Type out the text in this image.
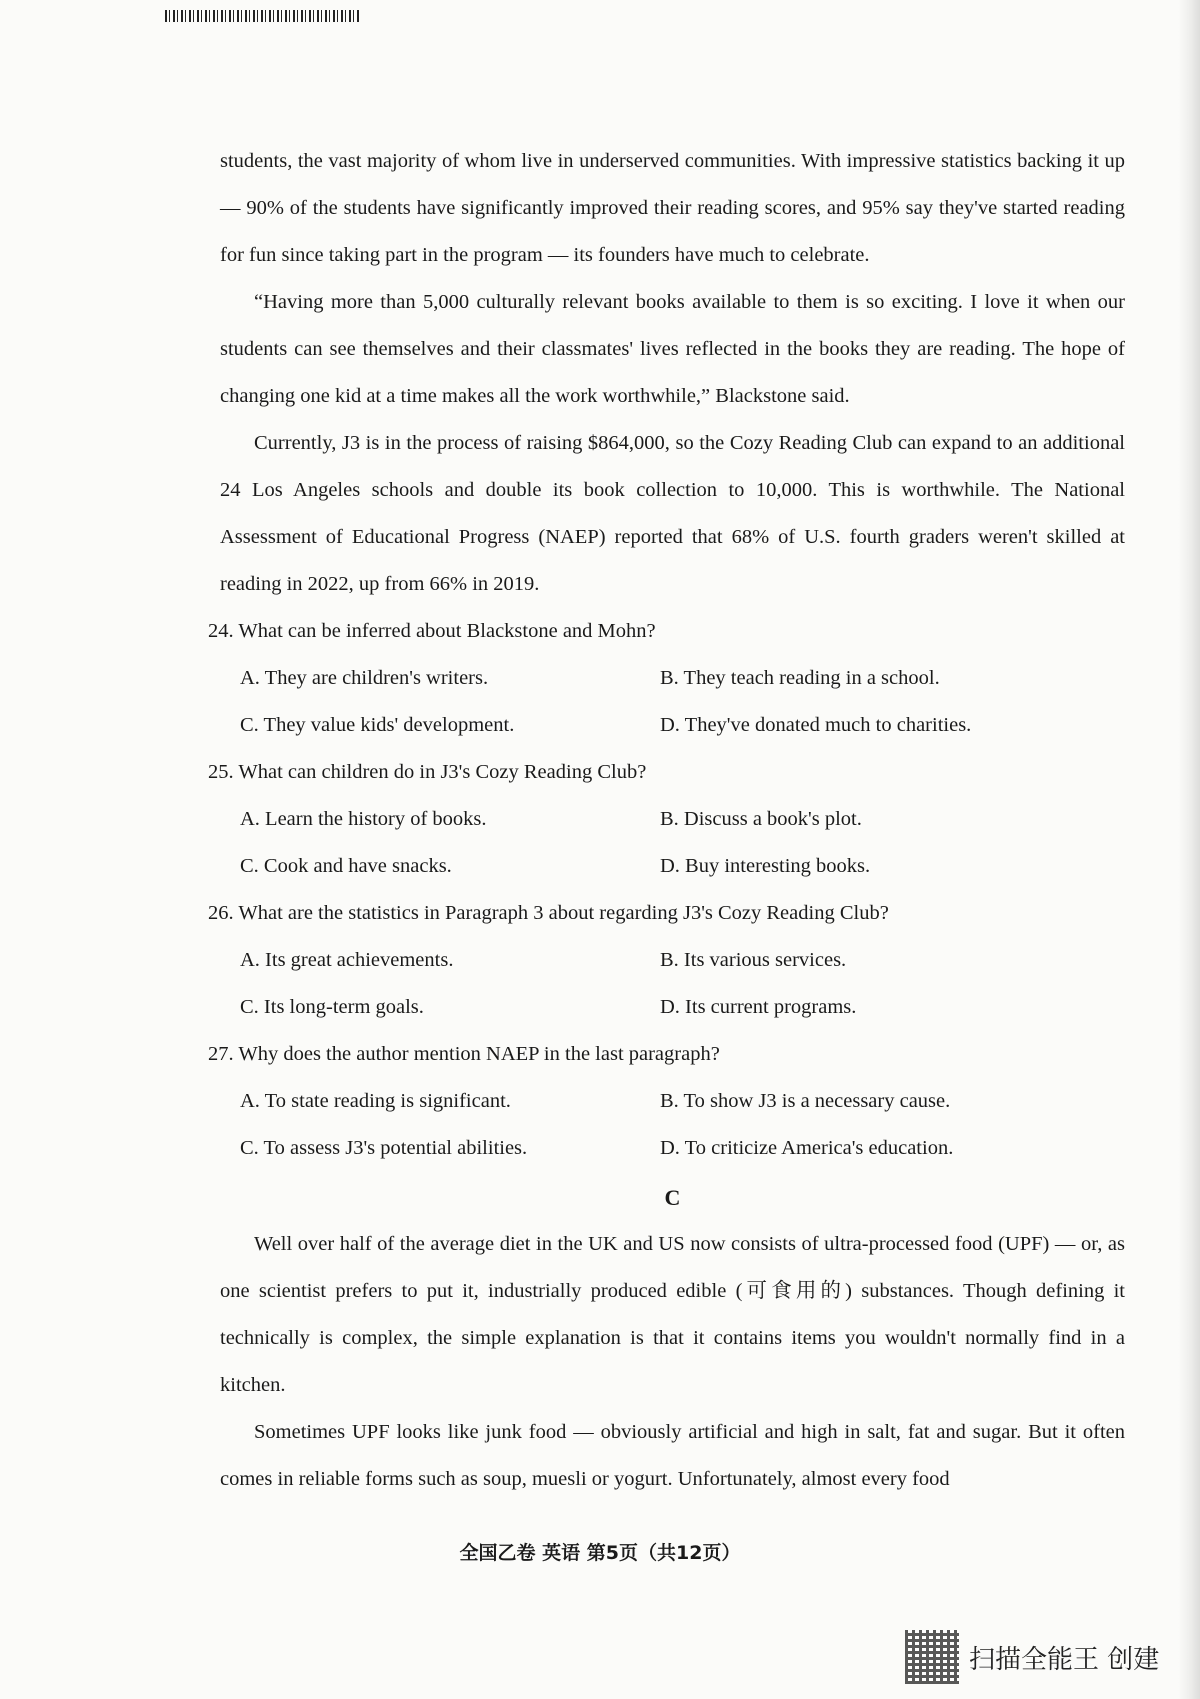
students, the vast majority of whom live in underserved communities. With impressive statistics backing it up — 90% of the students have significantly improved their reading scores, and 95% say they've started reading for fun since taking part in the program — its founders have much to celebrate.

“Having more than 5,000 culturally relevant books available to them is so exciting. I love it when our students can see themselves and their classmates' lives reflected in the books they are reading. The hope of changing one kid at a time makes all the work worthwhile,” Blackstone said.

Currently, J3 is in the process of raising $864,000, so the Cozy Reading Club can expand to an additional 24 Los Angeles schools and double its book collection to 10,000. This is worthwhile. The National Assessment of Educational Progress (NAEP) reported that 68% of U.S. fourth graders weren't skilled at reading in 2022, up from 66% in 2019.

24. What can be inferred about Blackstone and Mohn?
A. They are children's writers.	B. They teach reading in a school.
C. They value kids' development.	D. They've donated much to charities.
25. What can children do in J3's Cozy Reading Club?
A. Learn the history of books.	B. Discuss a book's plot.
C. Cook and have snacks.	D. Buy interesting books.
26. What are the statistics in Paragraph 3 about regarding J3's Cozy Reading Club?
A. Its great achievements.	B. Its various services.
C. Its long-term goals.	D. Its current programs.
27. Why does the author mention NAEP in the last paragraph?
A. To state reading is significant.	B. To show J3 is a necessary cause.
C. To assess J3's potential abilities.	D. To criticize America's education.
C

Well over half of the average diet in the UK and US now consists of ultra-processed food (UPF) — or, as one scientist prefers to put it, industrially produced edible (可食用的) substances. Though defining it technically is complex, the simple explanation is that it contains items you wouldn't normally find in a kitchen.

Sometimes UPF looks like junk food — obviously artificial and high in salt, fat and sugar. But it often comes in reliable forms such as soup, muesli or yogurt. Unfortunately, almost every food

全国乙卷 英语 第5页（共12页）
扫描全能王 创建
